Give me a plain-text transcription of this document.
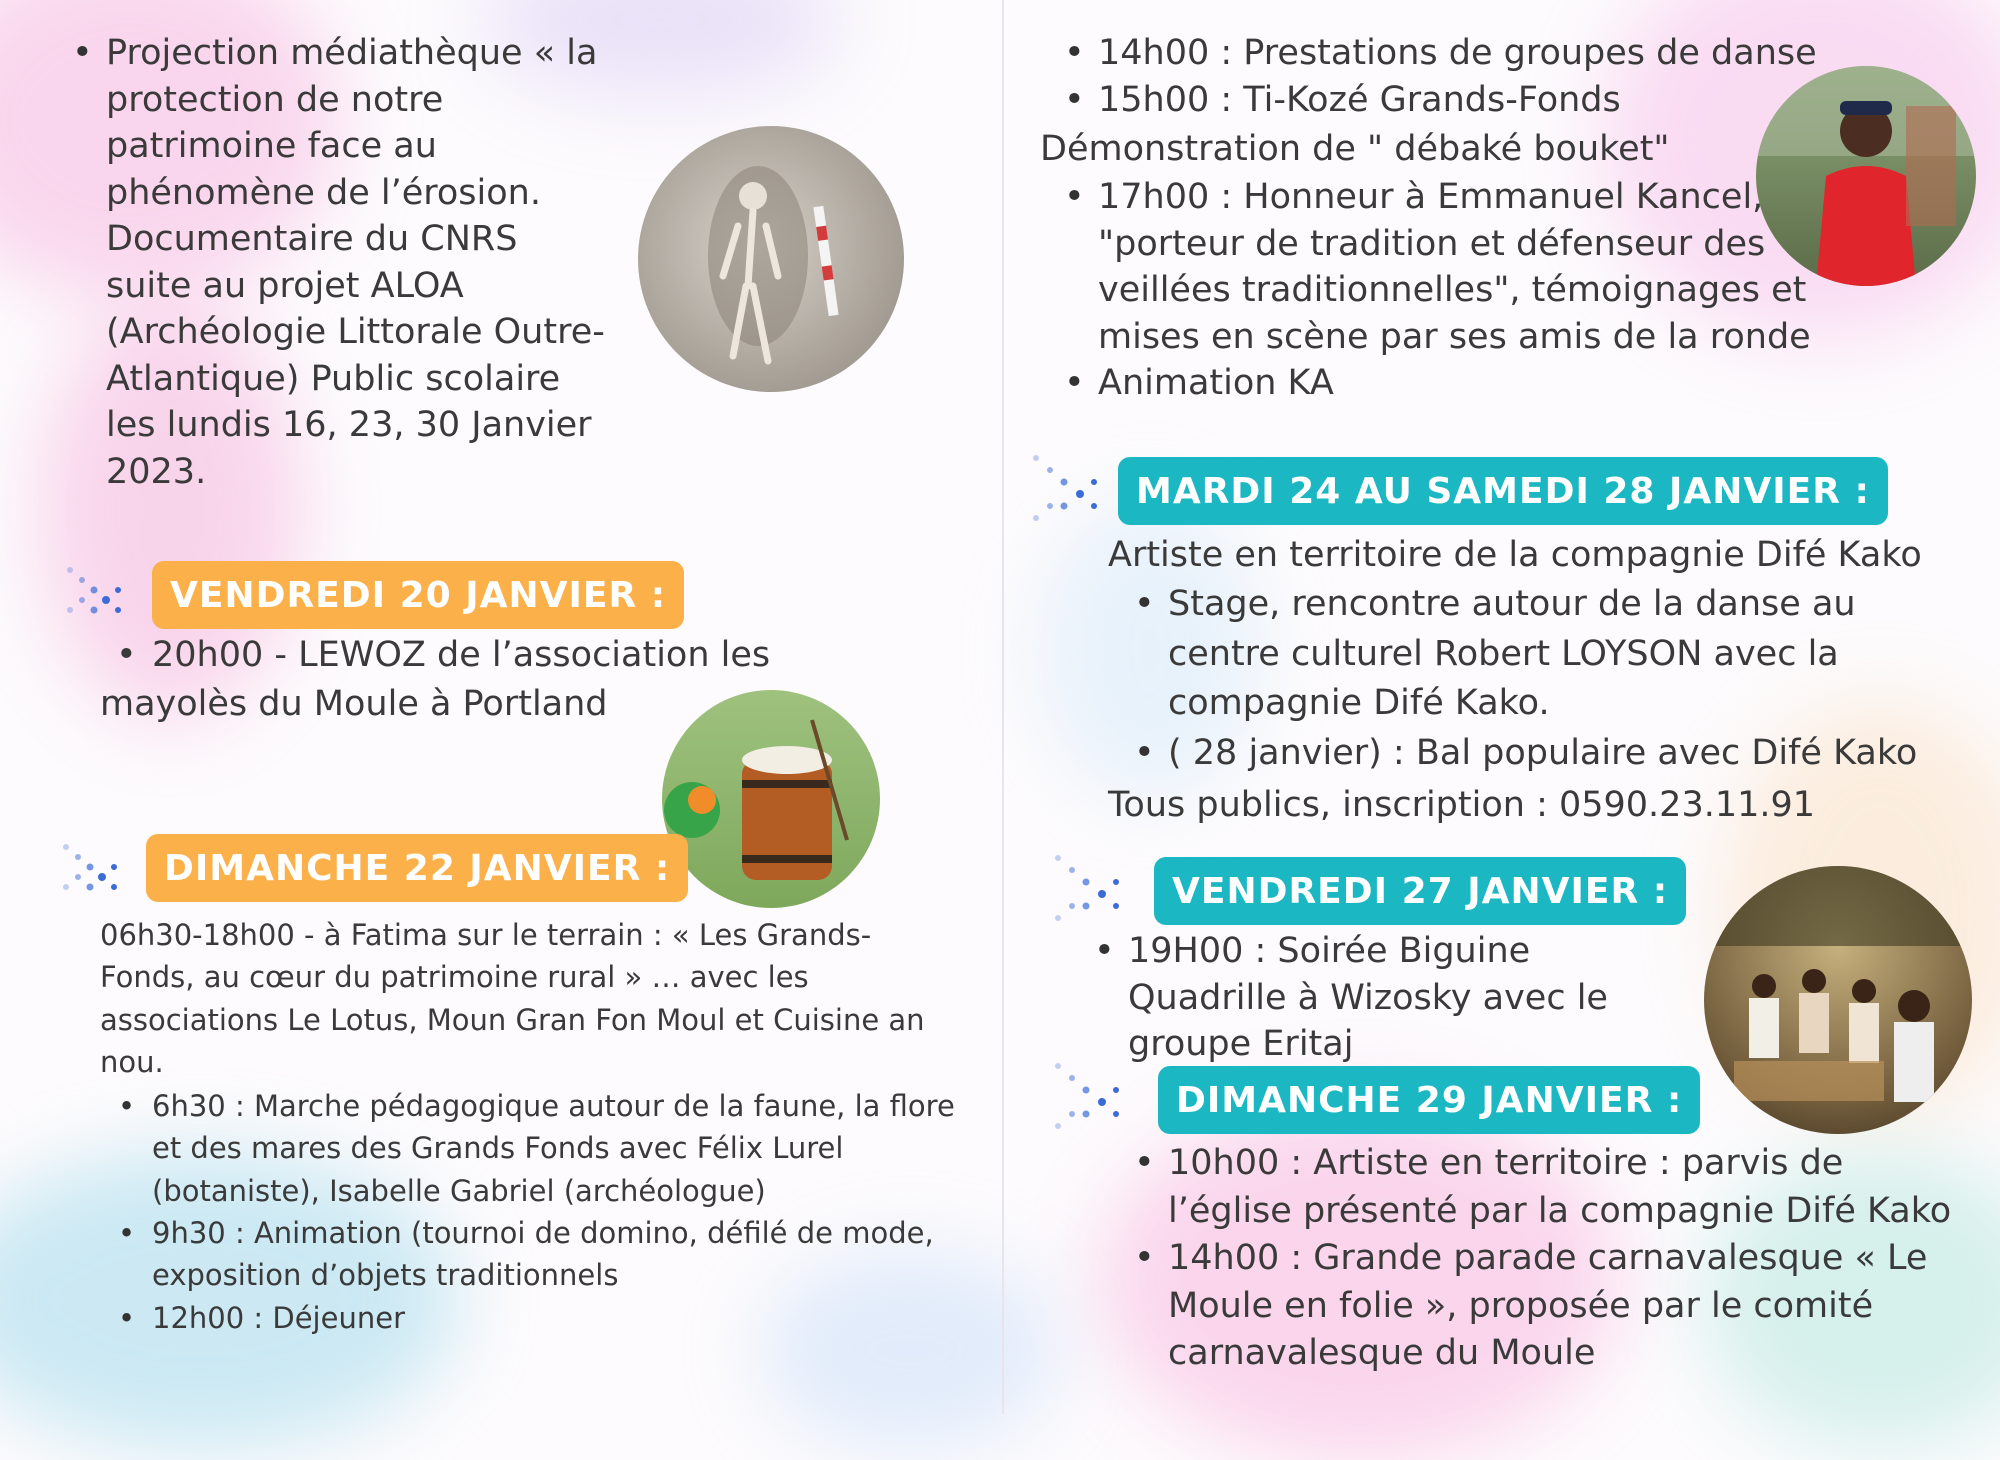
• Projection médiathèque « la protection de notre patrimoine face au phénomène de l’érosion. Documentaire du CNRS suite au projet ALOA (Archéologie Littorale Outre-Atlantique) Public scolaire les lundis 16, 23, 30 Janvier 2023.
VENDREDI 20 JANVIER :
• 20h00 - LEWOZ de l’association les
mayolès du Moule à Portland
DIMANCHE 22 JANVIER :
06h30-18h00 - à Fatima sur le terrain : « Les Grands-Fonds, au cœur du patrimoine rural » … avec les associations Le Lotus, Moun Gran Fon Moul et Cuisine an nou.
• 6h30 : Marche pédagogique autour de la faune, la flore et des mares des Grands Fonds avec Félix Lurel (botaniste), Isabelle Gabriel (archéologue)
• 9h30 : Animation (tournoi de domino, défilé de mode, exposition d’objets traditionnels
• 12h00 : Déjeuner
• 14h00 : Prestations de groupes de danse
• 15h00 : Ti-Kozé Grands-Fonds
Démonstration de " débaké bouket"
• 17h00 : Honneur à Emmanuel Kancel, "porteur de tradition et défenseur des veillées traditionnelles", témoignages et mises en scène par ses amis de la ronde
• Animation KA
MARDI 24 AU SAMEDI 28 JANVIER :
Artiste en territoire de la compagnie Difé Kako
• Stage, rencontre autour de la danse au centre culturel Robert LOYSON avec la compagnie Difé Kako.
• ( 28 janvier) : Bal populaire avec Difé Kako
Tous publics, inscription : 0590.23.11.91
VENDREDI 27 JANVIER :
• 19H00 : Soirée Biguine Quadrille à Wizosky avec le groupe Eritaj
DIMANCHE 29 JANVIER :
• 10h00 : Artiste en territoire : parvis de l’église présenté par la compagnie Difé Kako
• 14h00 : Grande parade carnavalesque « Le Moule en folie », proposée par le comité carnavalesque du Moule
